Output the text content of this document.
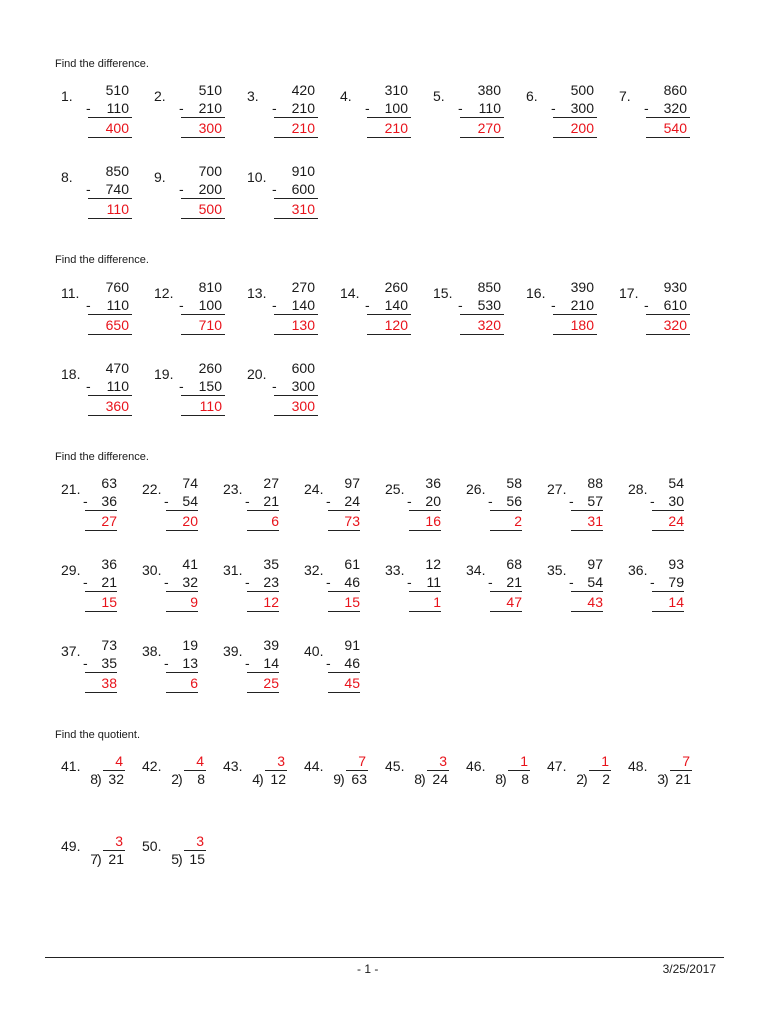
Find the difference.
Find the difference.
Find the difference.
Find the quotient.
1.	510
-	110
400
2.	510
-	210
300
3.	420
-	210
210
4.	310
-	100
210
5.	380
-	110
270
6.	500
-	300
200
7.	860
-	320
540
8.	850
-	740
110
9.	700
-	200
500
10.	910
-	600
310
11.	760
-	110
650
12.	810
-	100
710
13.	270
-	140
130
14.	260
-	140
120
15.	850
-	530
320
16.	390
-	210
180
17.	930
-	610
320
18.	470
-	110
360
19.	260
-	150
110
20.	600
-	300
300
21.	63
- 36
27
22.	74
- 54
20
23.	27
- 21
6
24.	97
- 24
73
25.	36
- 20
16
26.	58
- 56
2
27.	88
- 57
31
28.	54
- 30
24
29.	36
- 21
15
30.	41
- 32
9
31.	35
- 23
12
32.	61
- 46
15
33.	12
-	11
1
34.	68
- 21
47
35.	97
- 54
43
36.	93
- 79
14
37.	73
- 35
38
38.	19
- 13
6
39.	39
- 14
25
40.	91
- 46
45
41.	4
8 ) 32
42.	4
2 )	8
43.	3
4 ) 12
44.	7
9 ) 63
45.	3
8 ) 24
46.	1
8 )	8
47.	1
2 )	2
48.	7
3 ) 21
49.	3
7 ) 21
50.	3
5 ) 15
- 1 -	3/25/2017
